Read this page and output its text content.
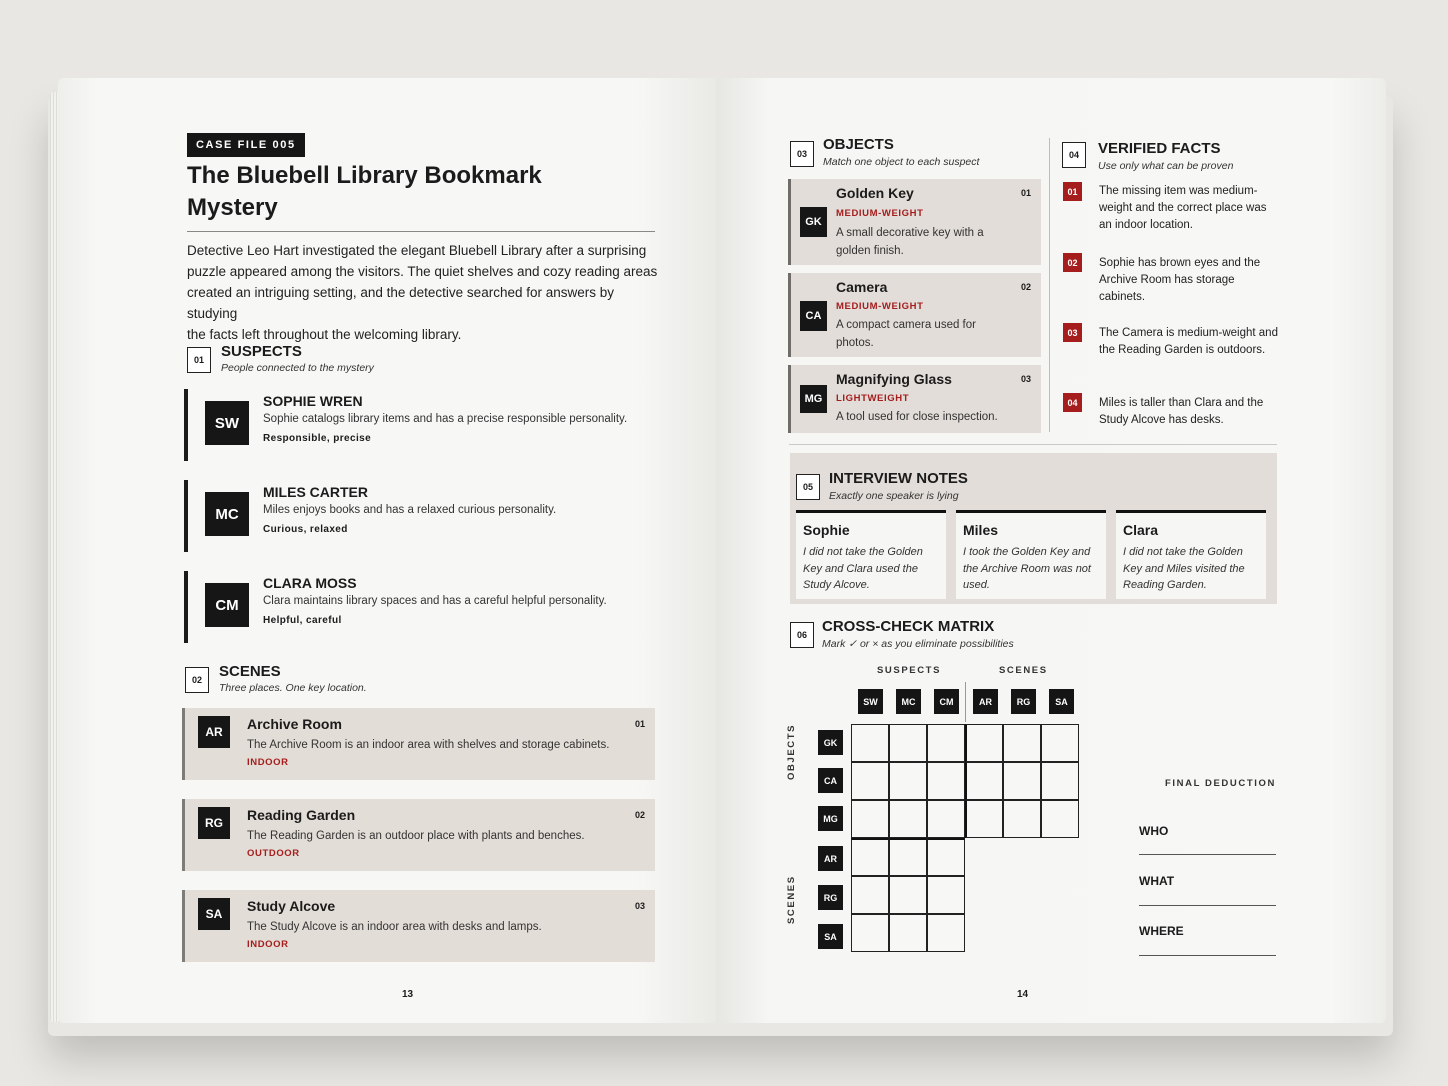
CASE FILE 005
The Bluebell Library Bookmark
Mystery
Detective Leo Hart investigated the elegant Bluebell Library after a surprising
puzzle appeared among the visitors. The quiet shelves and cozy reading areas
created an intriguing setting, and the detective searched for answers by studying
the facts left throughout the welcoming library.
01	SUSPECTS
People connected to the mystery
SW
SOPHIE WREN
Sophie catalogs library items and has a precise responsible personality.
Responsible, precise
MC
MILES CARTER
Miles enjoys books and has a relaxed curious personality.
Curious, relaxed
CM
CLARA MOSS
Clara maintains library spaces and has a careful helpful personality.
Helpful, careful
02	SCENES
Three places. One key location.
AR	Archive Room
The Archive Room is an indoor area with shelves and storage cabinets.
INDOOR
01
RG	Reading Garden
The Reading Garden is an outdoor place with plants and benches.
OUTDOOR
02
SA	Study Alcove
The Study Alcove is an indoor area with desks and lamps.
INDOOR
03
13
03
OBJECTS
Match one object to each suspect
GK
Golden Key
MEDIUM-WEIGHT
A small decorative key with a golden finish.
01
CA
Camera
MEDIUM-WEIGHT
A compact camera used for photos.
02
MG
Magnifying Glass
LIGHTWEIGHT
A tool used for close inspection.
03
04	VERIFIED FACTS
Use only what can be proven
01	The missing item was medium-weight and the correct place was an indoor location.
02	Sophie has brown eyes and the Archive Room has storage cabinets.
03	The Camera is medium-weight and the Reading Garden is outdoors.
04	Miles is taller than Clara and the Study Alcove has desks.
05	INTERVIEW NOTES
Exactly one speaker is lying
Sophie
I did not take the Golden Key and Clara used the Study Alcove.
Miles
I took the Golden Key and the Archive Room was not used.
Clara
I did not take the Golden Key and Miles visited the Reading Garden.
06	CROSS-CHECK MATRIX
Mark ✓ or × as you eliminate possibilities
SUSPECTS	SCENES
OBJECTS
SCENES
SW	MC	CM	AR	RG	SA
GK
CA
MG
AR
RG
SA
FINAL DEDUCTION
WHO
WHAT
WHERE
14
